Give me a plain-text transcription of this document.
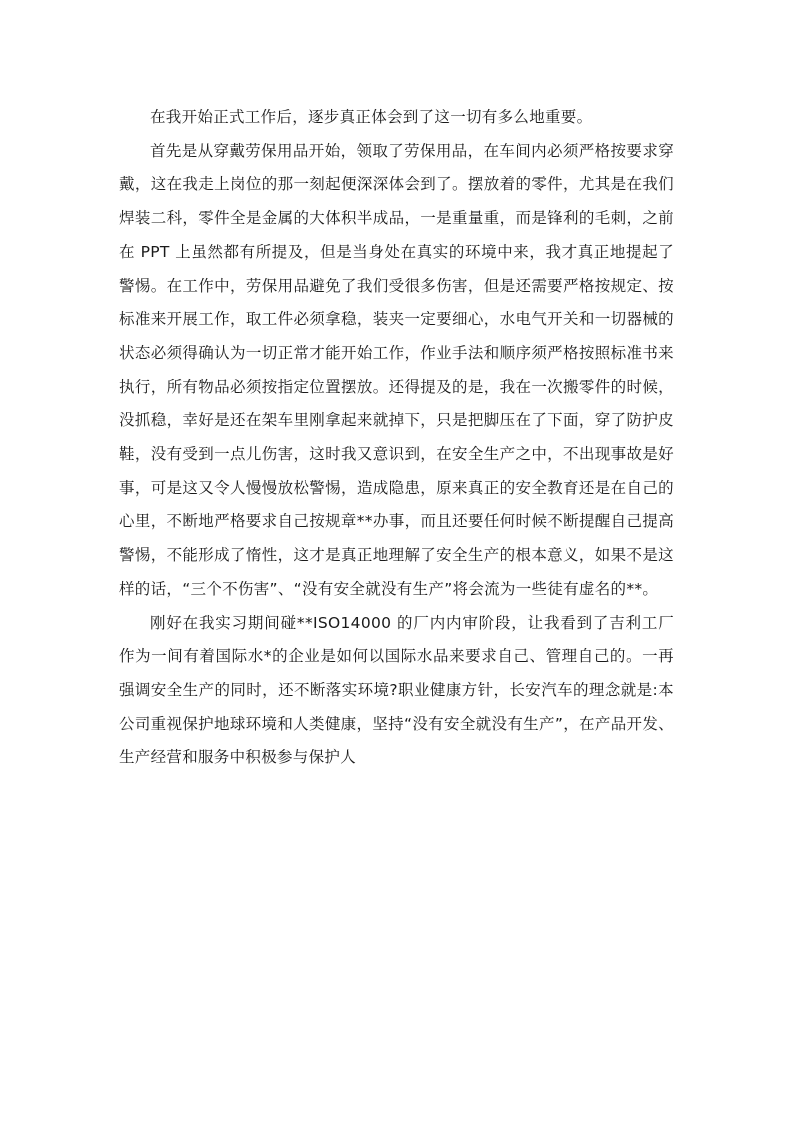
在我开始正式工作后，逐步真正体会到了这一切有多么地重要。

首先是从穿戴劳保用品开始，领取了劳保用品，在车间内必须严格按要求穿戴，这在我走上岗位的那一刻起便深深体会到了。摆放着的零件，尤其是在我们焊装二科，零件全是金属的大体积半成品，一是重量重，而是锋利的毛刺，之前在 PPT 上虽然都有所提及，但是当身处在真实的环境中来，我才真正地提起了警惕。在工作中，劳保用品避免了我们受很多伤害，但是还需要严格按规定、按标准来开展工作，取工件必须拿稳，装夹一定要细心，水电气开关和一切器械的状态必须得确认为一切正常才能开始工作，作业手法和顺序须严格按照标准书来执行，所有物品必须按指定位置摆放。还得提及的是，我在一次搬零件的时候，没抓稳，幸好是还在架车里刚拿起来就掉下，只是把脚压在了下面，穿了防护皮鞋，没有受到一点儿伤害，这时我又意识到，在安全生产之中，不出现事故是好事，可是这又令人慢慢放松警惕，造成隐患，原来真正的安全教育还是在自己的心里，不断地严格要求自己按规章**办事，而且还要任何时候不断提醒自己提高警惕，不能形成了惰性，这才是真正地理解了安全生产的根本意义，如果不是这样的话，“三个不伤害”、“没有安全就没有生产”将会流为一些徒有虚名的**。

刚好在我实习期间碰**ISO14000 的厂内内审阶段，让我看到了吉利工厂作为一间有着国际水*的企业是如何以国际水品来要求自己、管理自己的。一再强调安全生产的同时，还不断落实环境?职业健康方针，长安汽车的理念就是:本公司重视保护地球环境和人类健康，坚持“没有安全就没有生产”，在产品开发、生产经营和服务中积极参与保护人
